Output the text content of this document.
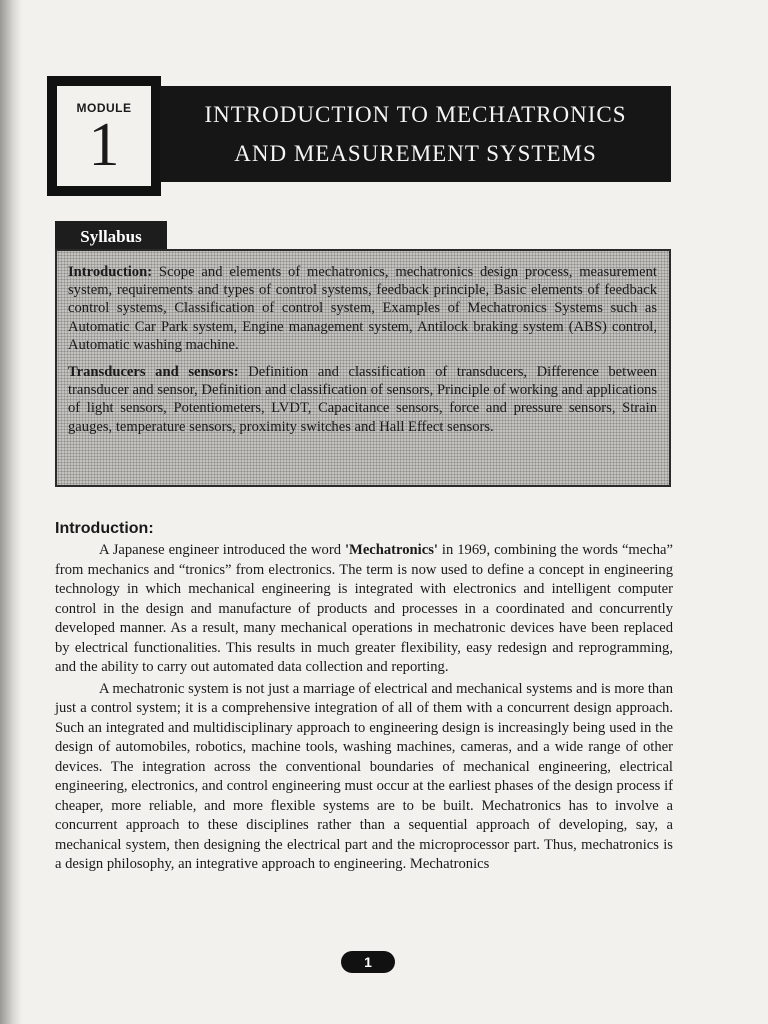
MODULE
1	INTRODUCTION TO MECHATRONICS
AND MEASUREMENT SYSTEMS
Syllabus

Introduction: Scope and elements of mechatronics, mechatronics design process, measurement system, requirements and types of control systems, feedback principle, Basic elements of feedback control systems, Classification of control system, Examples of Mechatronics Systems such as Automatic Car Park system, Engine management system, Antilock braking system (ABS) control, Automatic washing machine.

Transducers and sensors: Definition and classification of transducers, Difference between transducer and sensor, Definition and classification of sensors, Principle of working and applications of light sensors, Potentiometers, LVDT, Capacitance sensors, force and pressure sensors, Strain gauges, temperature sensors, proximity switches and Hall Effect sensors.

Introduction:

A Japanese engineer introduced the word 'Mechatronics' in 1969, combining the words “mecha” from mechanics and “tronics” from electronics. The term is now used to define a concept in engineering technology in which mechanical engineering is integrated with electronics and intelligent computer control in the design and manufacture of products and processes in a coordinated and concurrently developed manner. As a result, many mechanical operations in mechatronic devices have been replaced by electrical functionalities. This results in much greater flexibility, easy redesign and reprogramming, and the ability to carry out automated data collection and reporting.

A mechatronic system is not just a marriage of electrical and mechanical systems and is more than just a control system; it is a comprehensive integration of all of them with a concurrent design approach. Such an integrated and multidisciplinary approach to engineering design is increasingly being used in the design of automobiles, robotics, machine tools, washing machines, cameras, and a wide range of other devices. The integration across the conventional boundaries of mechanical engineering, electrical engineering, electronics, and control engineering must occur at the earliest phases of the design process if cheaper, more reliable, and more flexible systems are to be built. Mechatronics has to involve a concurrent approach to these disciplines rather than a sequential approach of developing, say, a mechanical system, then designing the electrical part and the microprocessor part. Thus, mechatronics is a design philosophy, an integrative approach to engineering. Mechatronics

1
